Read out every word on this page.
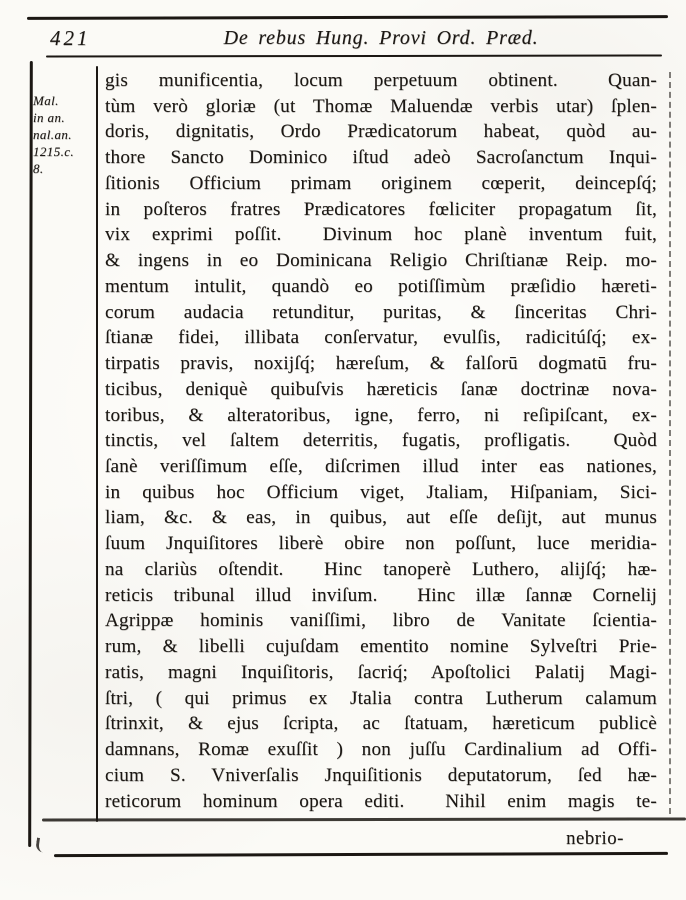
421	De rebus Hung. Provi Ord. Præd.
Mal.
in an.
nal.an.
1215.c.
8.
gis munificentia, locum perpetuum obtinent.  Quan-
tùm verò gloriæ (ut Thomæ Maluendæ verbis utar) ſplen-
doris, dignitatis, Ordo Prædicatorum habeat, quòd au-
thore Sancto Dominico iſtud adeò Sacroſanctum Inqui-
ſitionis Officium primam originem cœperit, deincepſq́;
in poſteros fratres Prædicatores fœliciter propagatum ſit,
vix exprimi poſſit.  Divinum hoc planè inventum fuit,
& ingens in eo Dominicana Religio Chriſtianæ Reip. mo-
mentum intulit, quandò eo potiſſimùm præſidio hæreti-
corum audacia retunditur, puritas, & ſinceritas Chri-
ſtianæ fidei, illibata conſervatur, evulſis, radicitúſq́; ex-
tirpatis pravis, noxijſq́; hæreſum, & falſorū dogmatū fru-
ticibus, deniquè quibuſvis hæreticis ſanæ doctrinæ nova-
toribus, & alteratoribus, igne, ferro, ni reſipiſcant, ex-
tinctis, vel ſaltem deterritis, fugatis, profligatis.  Quòd
ſanè veriſſimum eſſe, diſcrimen illud inter eas nationes,
in quibus hoc Officium viget, Jtaliam, Hiſpaniam, Sici-
liam, &c. & eas, in quibus, aut eſſe deſijt, aut munus
ſuum Jnquiſitores liberè obire non poſſunt, luce meridia-
na clariùs oſtendit.  Hinc tanoperè Luthero, alijſq́; hæ-
reticis tribunal illud inviſum.  Hinc illæ ſannæ Cornelij
Agrippæ hominis vaniſſimi, libro de Vanitate ſcientia-
rum, & libelli cujuſdam ementito nomine Sylveſtri Prie-
ratis, magni Inquiſitoris, ſacriq́; Apoſtolici Palatij Magi-
ſtri, ( qui primus ex Jtalia contra Lutherum calamum
ſtrinxit, & ejus ſcripta, ac ſtatuam, hæreticum publicè
damnans, Romæ exuſſit ) non juſſu Cardinalium ad Offi-
cium S. Vniverſalis Jnquiſitionis deputatorum, ſed hæ-
reticorum hominum opera editi.  Nihil enim magis te-
nebrio-
